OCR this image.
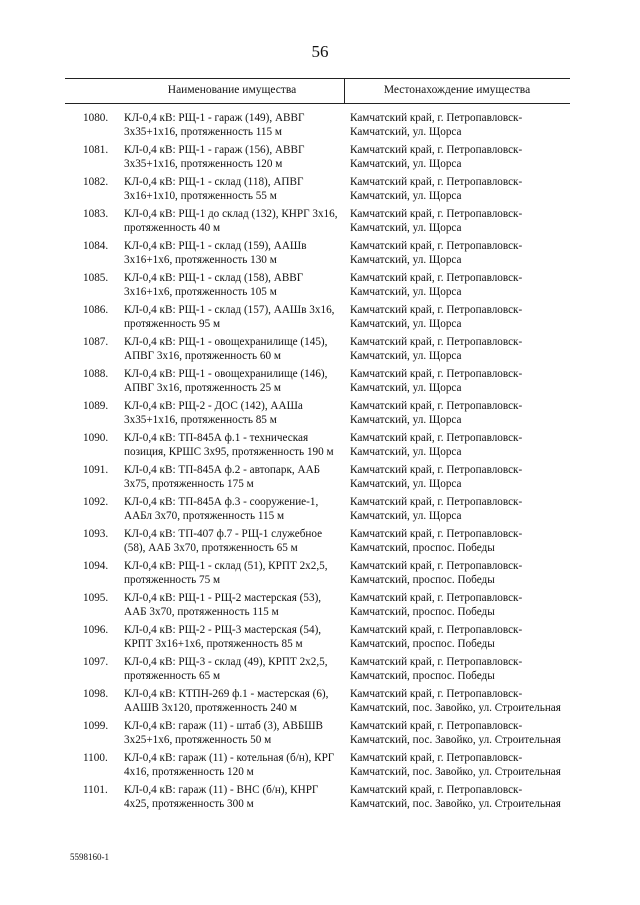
56
Наименование имущества	Местонахождение имущества
1080. КЛ-0,4 кВ: РЩ-1 - гараж (149), АВВГ
3х35+1х16, протяженность 115 м
Камчатский край, г. Петропавловск-
Камчатский, ул. Щорса
1081. КЛ-0,4 кВ: РЩ-1 - гараж (156), АВВГ
3х35+1х16, протяженность 120 м
Камчатский край, г. Петропавловск-
Камчатский, ул. Щорса
1082. КЛ-0,4 кВ: РЩ-1 - склад (118), АПВГ
3х16+1х10, протяженность 55 м
Камчатский край, г. Петропавловск-
Камчатский, ул. Щорса
1083. КЛ-0,4 кВ: РЩ-1 до склад (132), КНРГ 3х16,
протяженность 40 м
Камчатский край, г. Петропавловск-
Камчатский, ул. Щорса
1084. КЛ-0,4 кВ: РЩ-1 - склад (159), ААШв
3х16+1х6, протяженность 130 м
Камчатский край, г. Петропавловск-
Камчатский, ул. Щорса
1085. КЛ-0,4 кВ: РЩ-1 - склад (158), АВВГ
3х16+1х6, протяженность 105 м
Камчатский край, г. Петропавловск-
Камчатский, ул. Щорса
1086. КЛ-0,4 кВ: РЩ-1 - склад (157), ААШв 3х16,
протяженность 95 м
Камчатский край, г. Петропавловск-
Камчатский, ул. Щорса
1087. КЛ-0,4 кВ: РЩ-1 - овощехранилище (145),
АПВГ 3х16, протяженность 60 м
Камчатский край, г. Петропавловск-
Камчатский, ул. Щорса
1088. КЛ-0,4 кВ: РЩ-1 - овощехранилище (146),
АПВГ 3х16, протяженность 25 м
Камчатский край, г. Петропавловск-
Камчатский, ул. Щорса
1089. КЛ-0,4 кВ: РЩ-2 - ДОС (142), ААШа
3х35+1х16, протяженность 85 м
Камчатский край, г. Петропавловск-
Камчатский, ул. Щорса
1090. КЛ-0,4 кВ: ТП-845А ф.1 - техническая
позиция, КРШС 3х95, протяженность 190 м
Камчатский край, г. Петропавловск-
Камчатский, ул. Щорса
1091. КЛ-0,4 кВ: ТП-845А ф.2 - автопарк, ААБ
3х75, протяженность 175 м
Камчатский край, г. Петропавловск-
Камчатский, ул. Щорса
1092. КЛ-0,4 кВ: ТП-845А ф.3 - сооружение-1,
ААБл 3х70, протяженность 115 м
Камчатский край, г. Петропавловск-
Камчатский, ул. Щорса
1093. КЛ-0,4 кВ: ТП-407 ф.7 - РЩ-1 служебное
(58), ААБ 3х70, протяженность 65 м
Камчатский край, г. Петропавловск-
Камчатский, проспос. Победы
1094. КЛ-0,4 кВ: РЩ-1 - склад (51), КРПТ 2х2,5,
протяженность 75 м
Камчатский край, г. Петропавловск-
Камчатский, проспос. Победы
1095. КЛ-0,4 кВ: РЩ-1 - РЩ-2 мастерская (53),
ААБ 3х70, протяженность 115 м
Камчатский край, г. Петропавловск-
Камчатский, проспос. Победы
1096. КЛ-0,4 кВ: РЩ-2 - РЩ-3 мастерская (54),
КРПТ 3х16+1х6, протяженность 85 м
Камчатский край, г. Петропавловск-
Камчатский, проспос. Победы
1097. КЛ-0,4 кВ: РЩ-3 - склад (49), КРПТ 2х2,5,
протяженность 65 м
Камчатский край, г. Петропавловск-
Камчатский, проспос. Победы
1098. КЛ-0,4 кВ: КТПН-269 ф.1 - мастерская (6),
ААШВ 3х120, протяженность 240 м
Камчатский край, г. Петропавловск-
Камчатский, пос. Завойко, ул. Строительная
1099. КЛ-0,4 кВ: гараж (11) - штаб (3), АВБШВ
3х25+1х6, протяженность 50 м
Камчатский край, г. Петропавловск-
Камчатский, пос. Завойко, ул. Строительная
1100. КЛ-0,4 кВ: гараж (11) - котельная (б/н), КРГ
4х16, протяженность 120 м
Камчатский край, г. Петропавловск-
Камчатский, пос. Завойко, ул. Строительная
1101. КЛ-0,4 кВ: гараж (11) - ВНС (б/н), КНРГ
4х25, протяженность 300 м
Камчатский край, г. Петропавловск-
Камчатский, пос. Завойко, ул. Строительная
5598160-1
